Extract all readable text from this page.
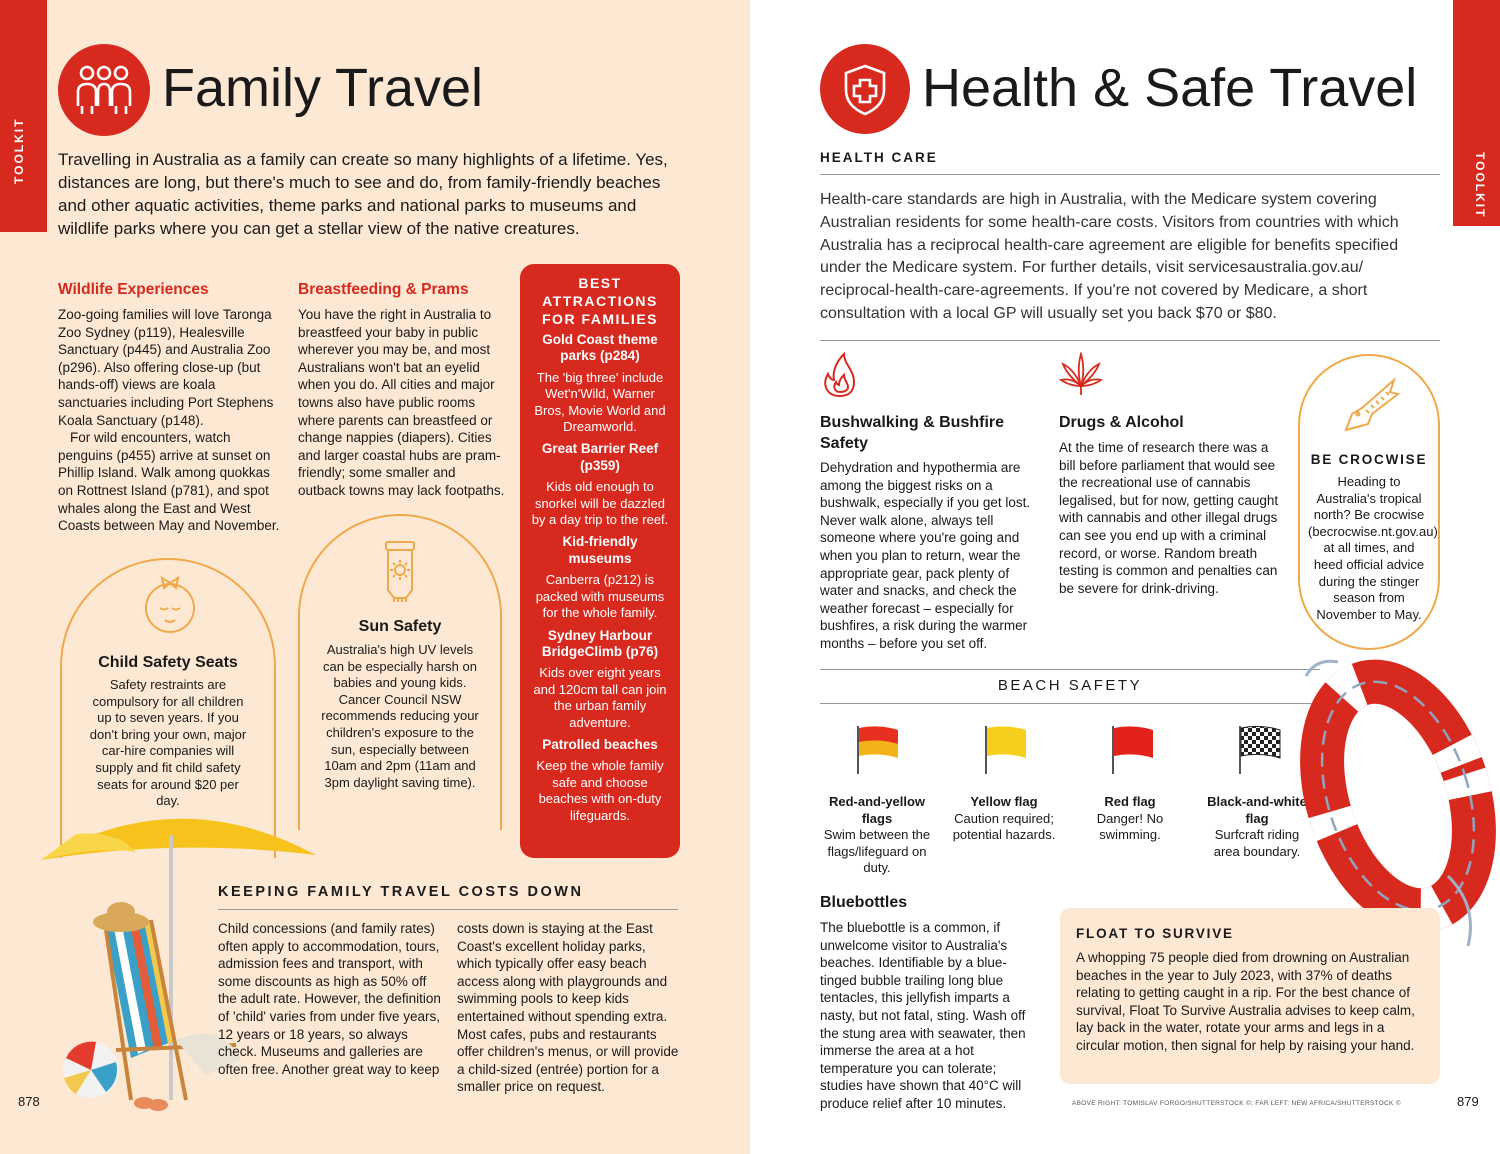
TOOLKIT
Family Travel
Travelling in Australia as a family can create so many highlights of a lifetime. Yes, distances are long, but there's much to see and do, from family-friendly beaches and other aquatic activities, theme parks and national parks to museums and wildlife parks where you can get a stellar view of the native creatures.
Wildlife Experiences
Zoo-going families will love Taronga Zoo Sydney (p119), Healesville Sanctuary (p445) and Australia Zoo (p296). Also offering close-up (but hands-off) views are koala sanctuaries including Port Stephens Koala Sanctuary (p148).
For wild encounters, watch penguins (p455) arrive at sunset on Phillip Island. Walk among quokkas on Rottnest Island (p781), and spot whales along the East and West Coasts between May and November.
Breastfeeding & Prams
You have the right in Australia to breastfeed your baby in public wherever you may be, and most Australians won't bat an eyelid when you do. All cities and major towns also have public rooms where parents can breastfeed or change nappies (diapers). Cities and larger coastal hubs are pram-friendly; some smaller and outback towns may lack footpaths.
Child Safety Seats
Safety restraints are compulsory for all children up to seven years. If you don't bring your own, major car-hire companies will supply and fit child safety seats for around $20 per day.
Sun Safety
Australia's high UV levels can be especially harsh on babies and young kids. Cancer Council NSW recommends reducing your children's exposure to the sun, especially between 10am and 2pm (11am and 3pm daylight saving time).
BEST ATTRACTIONS FOR FAMILIES
Gold Coast theme parks (p284)
The 'big three' include Wet'n'Wild, Warner Bros, Movie World and Dreamworld.
Great Barrier Reef (p359)
Kids old enough to snorkel will be dazzled by a day trip to the reef.
Kid-friendly museums
Canberra (p212) is packed with museums for the whole family.
Sydney Harbour BridgeClimb (p76)
Kids over eight years and 120cm tall can join the urban family adventure.
Patrolled beaches
Keep the whole family safe and choose beaches with on-duty lifeguards.
KEEPING FAMILY TRAVEL COSTS DOWN
Child concessions (and family rates) often apply to accommodation, tours, admission fees and transport, with some discounts as high as 50% off the adult rate. However, the definition of 'child' varies from under five years, 12 years or 18 years, so always check. Museums and galleries are often free. Another great way to keep
costs down is staying at the East Coast's excellent holiday parks, which typically offer easy beach access along with playgrounds and swimming pools to keep kids entertained without spending extra. Most cafes, pubs and restaurants offer children's menus, or will provide a child-sized (entrée) portion for a smaller price on request.
878
TOOLKIT
Health & Safe Travel
HEALTH CARE
Health-care standards are high in Australia, with the Medicare system covering Australian residents for some health-care costs. Visitors from countries with which Australia has a reciprocal health-care agreement are eligible for benefits specified under the Medicare system. For further details, visit servicesaustralia.gov.au/ reciprocal-health-care-agreements. If you're not covered by Medicare, a short consultation with a local GP will usually set you back $70 or $80.
Bushwalking & Bushfire Safety
Dehydration and hypothermia are among the biggest risks on a bushwalk, especially if you get lost. Never walk alone, always tell someone where you're going and when you plan to return, wear the appropriate gear, pack plenty of water and snacks, and check the weather forecast – especially for bushfires, a risk during the warmer months – before you set off.
Drugs & Alcohol
At the time of research there was a bill before parliament that would see the recreational use of cannabis legalised, but for now, getting caught with cannabis and other illegal drugs can see you end up with a criminal record, or worse. Random breath testing is common and penalties can be severe for drink-driving.
BE CROCWISE
Heading to Australia's tropical north? Be crocwise (becrocwise.nt.gov.au) at all times, and heed official advice during the stinger season from November to May.
BEACH SAFETY
Red-and-yellow flags
Swim between the flags/lifeguard on duty.
Yellow flag
Caution required; potential hazards.
Red flag
Danger! No swimming.
Black-and-white flag
Surfcraft riding area boundary.
Bluebottles
The bluebottle is a common, if unwelcome visitor to Australia's beaches. Identifiable by a blue-tinged bubble trailing long blue tentacles, this jellyfish imparts a nasty, but not fatal, sting. Wash off the stung area with seawater, then immerse the area at a hot temperature you can tolerate; studies have shown that 40°C will produce relief after 10 minutes.
FLOAT TO SURVIVE
A whopping 75 people died from drowning on Australian beaches in the year to July 2023, with 37% of deaths relating to getting caught in a rip. For the best chance of survival, Float To Survive Australia advises to keep calm, lay back in the water, rotate your arms and legs in a circular motion, then signal for help by raising your hand.
ABOVE RIGHT: TOMISLAV FORGO/SHUTTERSTOCK ©; FAR LEFT: NEW AFRICA/SHUTTERSTOCK ©	879
